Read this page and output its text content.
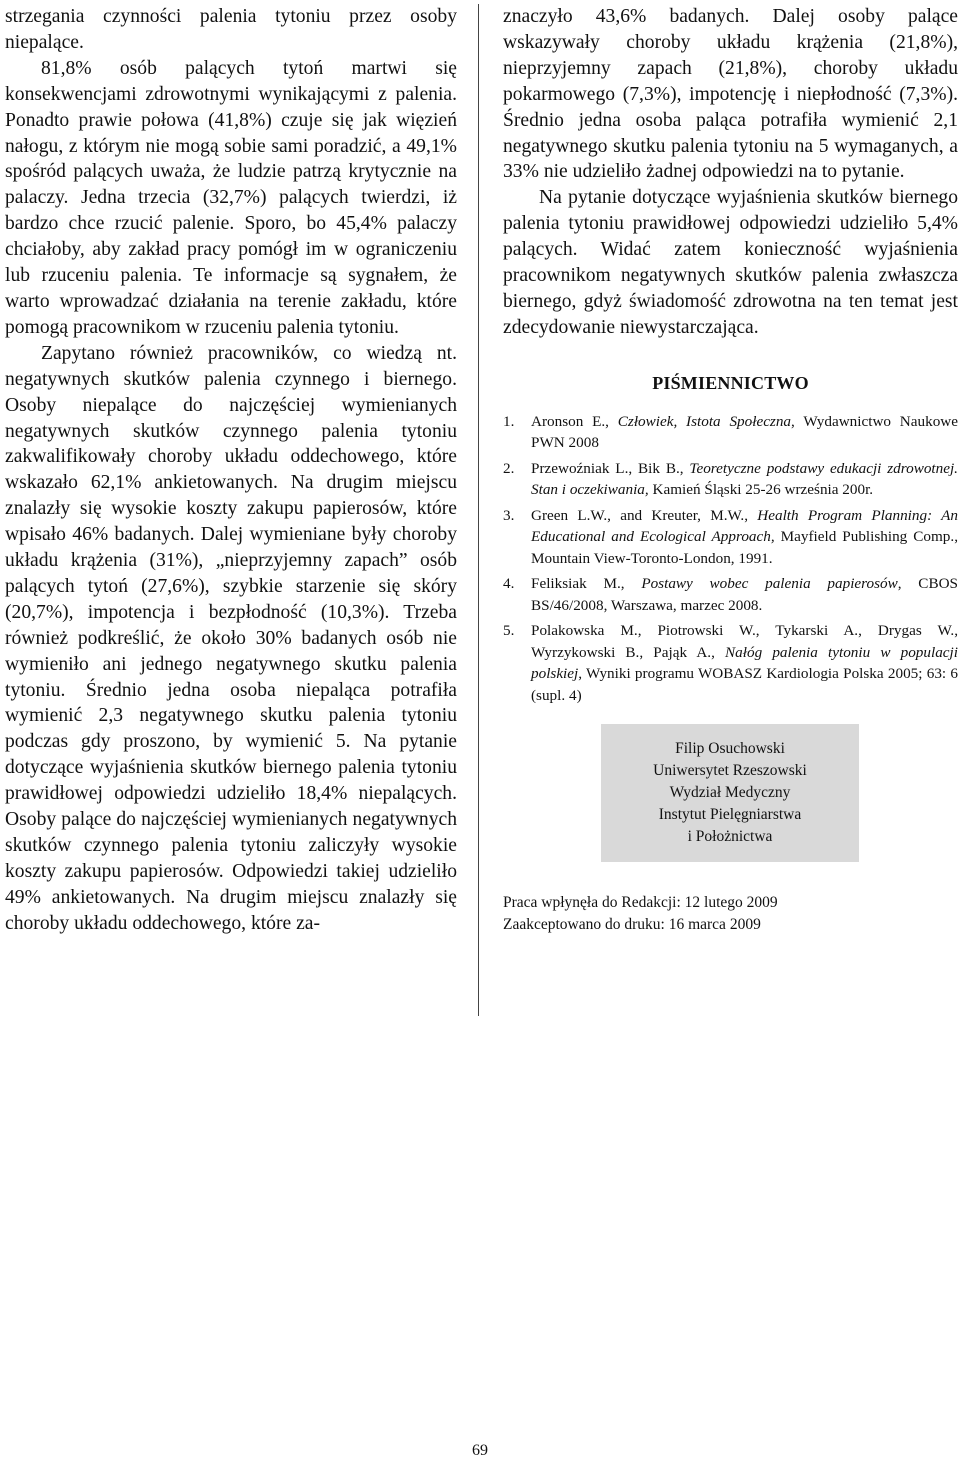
strzegania czynności palenia tytoniu przez osoby niepalące.

81,8% osób palących tytoń martwi się konsekwencjami zdrowotnymi wynikającymi z palenia. Ponadto prawie połowa (41,8%) czuje się jak więzień nałogu, z którym nie mogą sobie sami poradzić, a 49,1% spośród palących uważa, że ludzie patrzą krytycznie na palaczy. Jedna trzecia (32,7%) palących twierdzi, iż bardzo chce rzucić palenie. Sporo, bo 45,4% palaczy chciałoby, aby zakład pracy pomógł im w ograniczeniu lub rzuceniu palenia. Te informacje są sygnałem, że warto wprowadzać działania na terenie zakładu, które pomogą pracownikom w rzuceniu palenia tytoniu.

Zapytano również pracowników, co wiedzą nt. negatywnych skutków palenia czynnego i biernego. Osoby niepalące do najczęściej wymienianych negatywnych skutków czynnego palenia tytoniu zakwalifikowały choroby układu oddechowego, które wskazało 62,1% ankietowanych. Na drugim miejscu znalazły się wysokie koszty zakupu papierosów, które wpisało 46% badanych. Dalej wymieniane były choroby układu krążenia (31%), „nieprzyjemny zapach” osób palących tytoń (27,6%), szybkie starzenie się skóry (20,7%), impotencja i bezpłodność (10,3%). Trzeba również podkreślić, że około 30% badanych osób nie wymieniło ani jednego negatywnego skutku palenia tytoniu. Średnio jedna osoba niepaląca potrafiła wymienić 2,3 negatywnego skutku palenia tytoniu podczas gdy proszono, by wymienić 5. Na pytanie dotyczące wyjaśnienia skutków biernego palenia tytoniu prawidłowej odpowiedzi udzieliło 18,4% niepalących. Osoby palące do najczęściej wymienianych negatywnych skutków czynnego palenia tytoniu zaliczyły wysokie koszty zakupu papierosów. Odpowiedzi takiej udzieliło 49% ankietowanych. Na drugim miejscu znalazły się choroby układu oddechowego, które za-

znaczyło 43,6% badanych. Dalej osoby palące wskazywały choroby układu krążenia (21,8%), nieprzyjemny zapach (21,8%), choroby układu pokarmowego (7,3%), impotencję i niepłodność (7,3%). Średnio jedna osoba paląca potrafiła wymienić 2,1 negatywnego skutku palenia tytoniu na 5 wymaganych, a 33% nie udzieliło żadnej odpowiedzi na to pytanie.

Na pytanie dotyczące wyjaśnienia skutków biernego palenia tytoniu prawidłowej odpowiedzi udzieliło 5,4% palących. Widać zatem konieczność wyjaśnienia pracownikom negatywnych skutków palenia zwłaszcza biernego, gdyż świadomość zdrowotna na ten temat jest zdecydowanie niewystarczająca.

PIŚMIENNICTWO
1. Aronson E., Człowiek, Istota Społeczna, Wydawnictwo Naukowe PWN 2008
2. Przewoźniak L., Bik B., Teoretyczne podstawy edukacji zdrowotnej. Stan i oczekiwania, Kamień Śląski 25-26 września 200r.
3. Green L.W., and Kreuter, M.W., Health Program Planning: An Educational and Ecological Approach, Mayfield Publishing Comp., Mountain View-Toronto-London, 1991.
4. Feliksiak M., Postawy wobec palenia papierosów, CBOS BS/46/2008, Warszawa, marzec 2008.
5. Polakowska M., Piotrowski W., Tykarski A., Drygas W., Wyrzykowski B., Pająk A., Nałóg palenia tytoniu w populacji polskiej, Wyniki programu WOBASZ Kardiologia Polska 2005; 63: 6 (supl. 4)
Filip Osuchowski
Uniwersytet Rzeszowski
Wydział Medyczny
Instytut Pielęgniarstwa
i Położnictwa
Praca wpłynęła do Redakcji: 12 lutego 2009
Zaakceptowano do druku: 16 marca 2009
69
